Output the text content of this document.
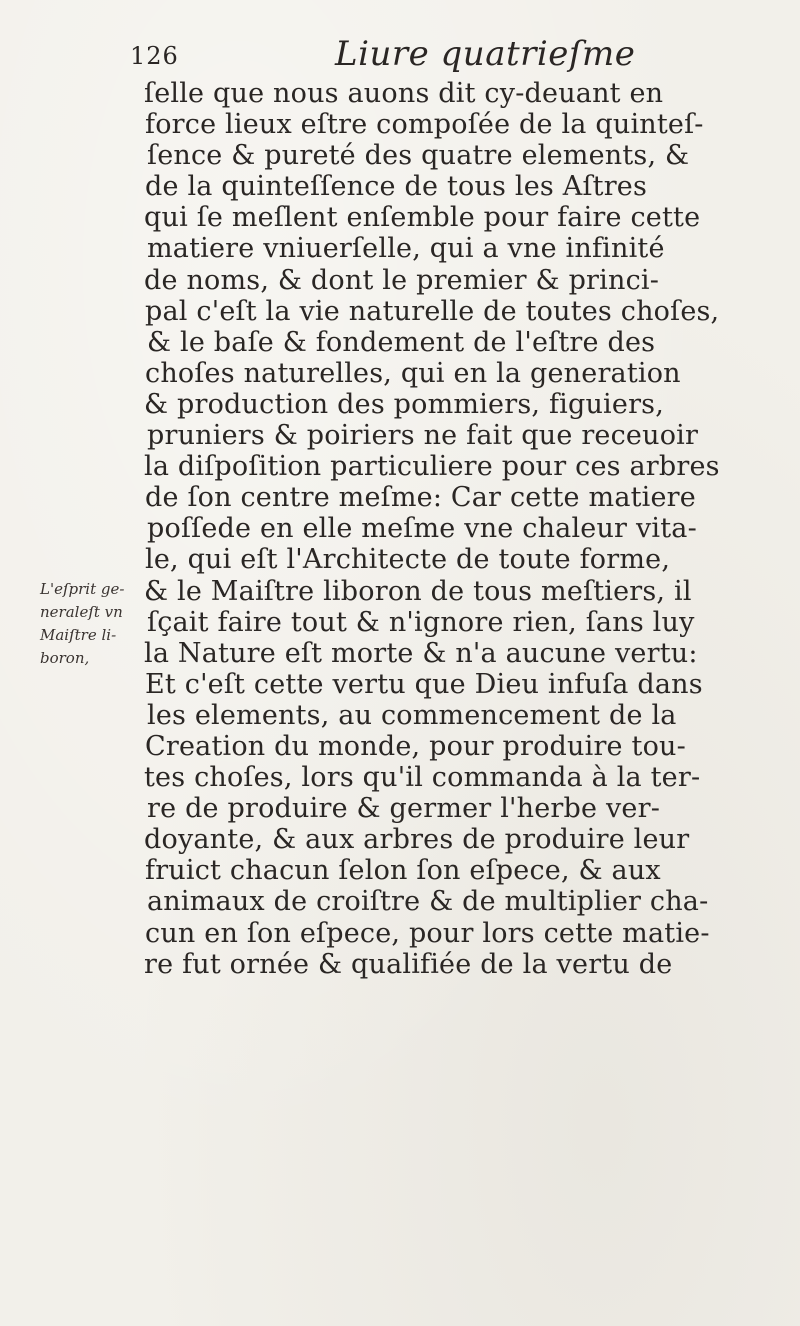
126	Liure quatrieſme
L'eſprit ge-
neraleſt vn
Maiſtre li-
boron,
ſelle que nous auons dit cy-deuant en
force lieux eſtre compoſée de la quinteſ-
ſence & pureté des quatre elements, &
de la quinteſſence de tous les Aſtres
qui ſe meſlent enſemble pour faire cette
matiere vniuerſelle, qui a vne infinité
de noms, & dont le premier & princi-
pal c'eſt la vie naturelle de toutes choſes,
& le baſe & fondement de l'eſtre des
choſes naturelles, qui en la generation
& production des pommiers, figuiers,
pruniers & poiriers ne fait que receuoir
la diſpoſition particuliere pour ces arbres
de ſon centre meſme: Car cette matiere
poſſede en elle meſme vne chaleur vita-
le, qui eſt l'Architecte de toute forme,
& le Maiſtre liboron de tous meſtiers, il
ſçait faire tout & n'ignore rien, ſans luy
la Nature eſt morte & n'a aucune vertu:
Et c'eſt cette vertu que Dieu infuſa dans
les elements, au commencement de la
Creation du monde, pour produire tou-
tes choſes, lors qu'il commanda à la ter-
re de produire & germer l'herbe ver-
doyante, & aux arbres de produire leur
fruict chacun ſelon ſon eſpece, & aux
animaux de croiſtre & de multiplier cha-
cun en ſon eſpece, pour lors cette matie-
re fut ornée & qualifiée de la vertu de
